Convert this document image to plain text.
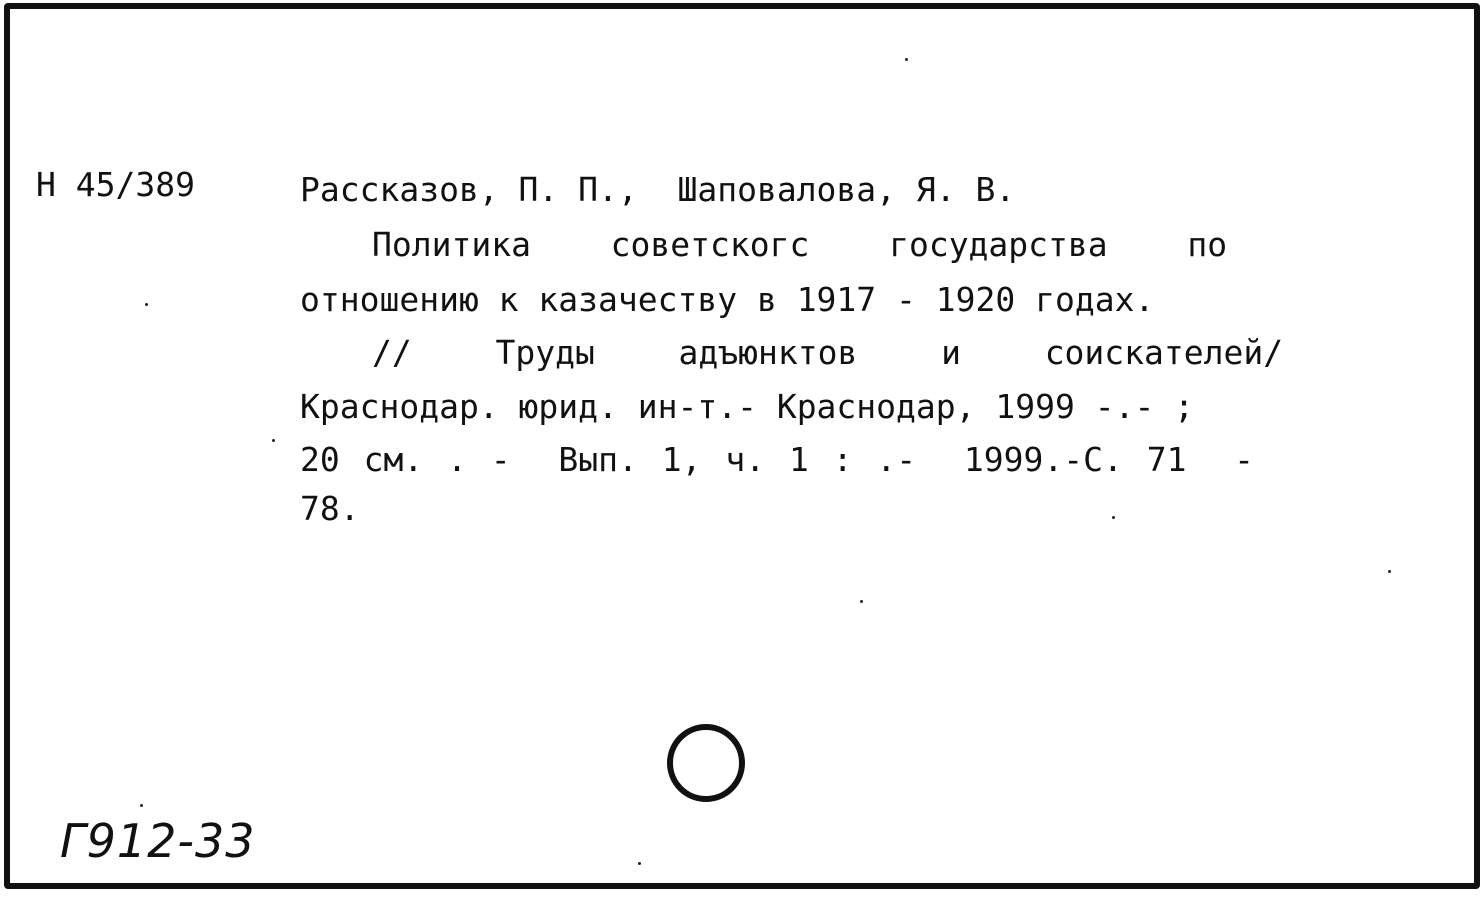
Н 45/389	Рассказов, П. П.,  Шаповалова, Я. В.
Политика  советскогс  государства  по
отношению к казачеству в 1917 - 1920 годах.
//  Труды  адъюнктов  и  соискателей/
Краснодар. юрид. ин-т.- Краснодар, 1999 -.- ;
20 см. . -  Вып. 1, ч. 1 : .-  1999.-С. 71  -
78.
Г912-33
